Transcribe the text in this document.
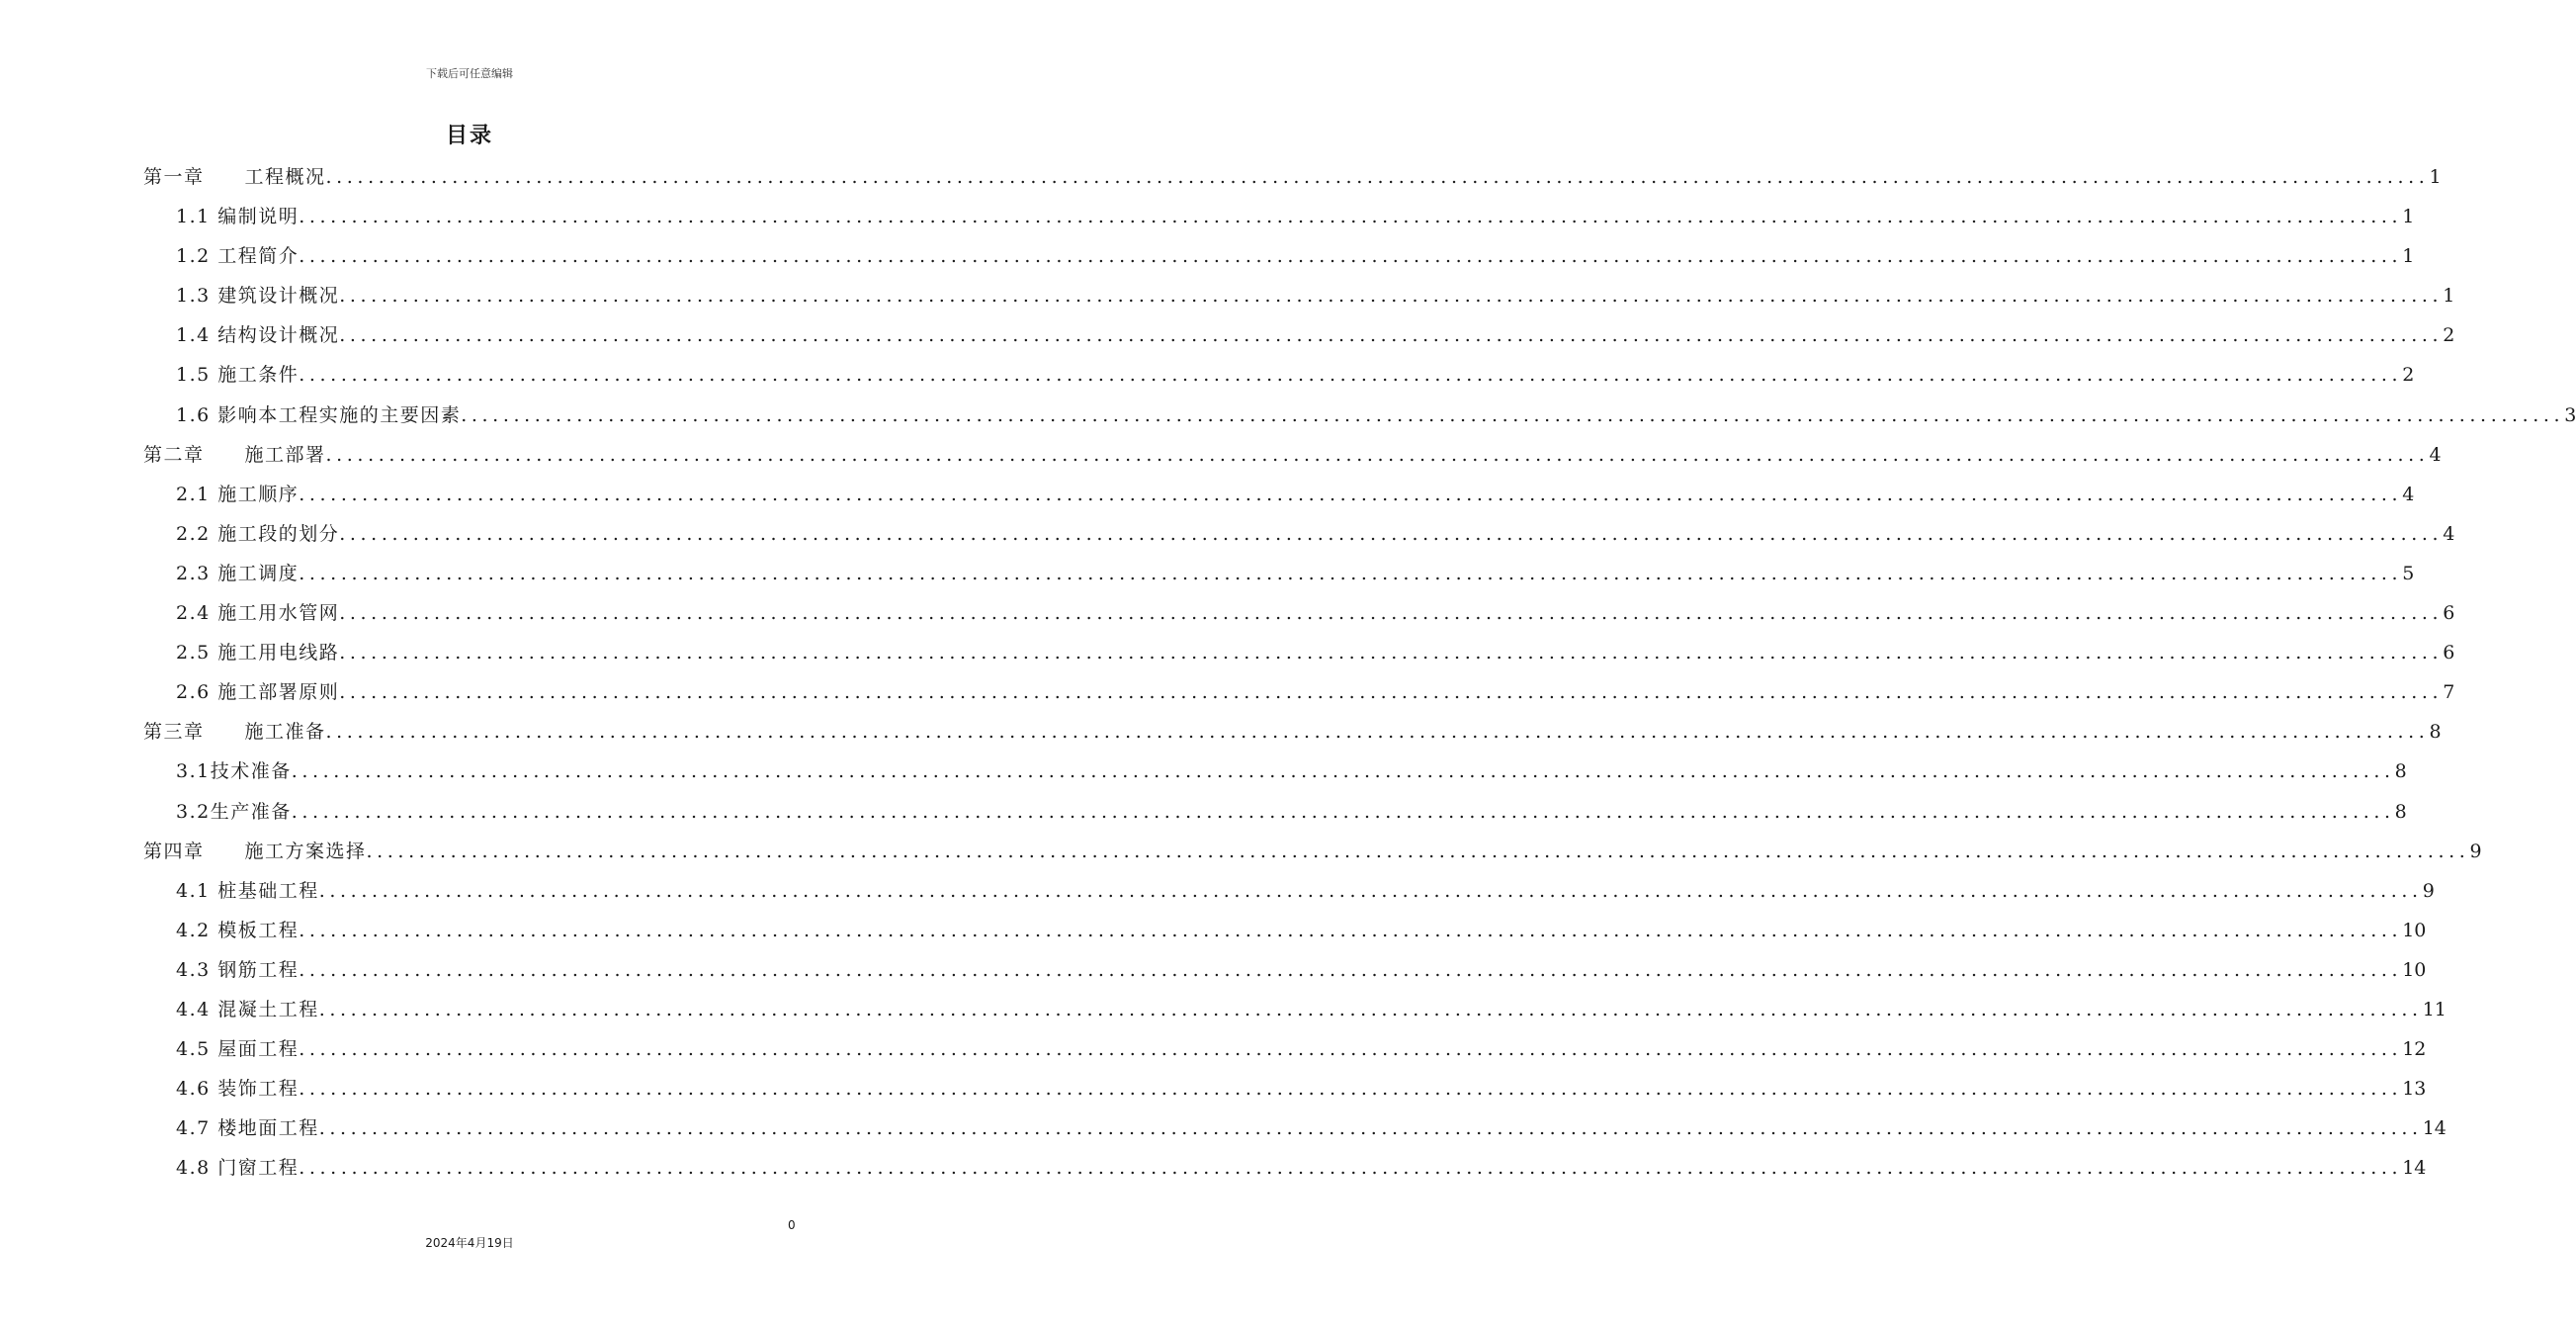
下载后可任意编辑
目录
第一章　　工程概况 ........................................................................................................................................................................................................ 1
1.1 编制说明 ........................................................................................................................................................................................................ 1
1.2 工程简介 ........................................................................................................................................................................................................ 1
1.3 建筑设计概况 ........................................................................................................................................................................................................ 1
1.4 结构设计概况 ........................................................................................................................................................................................................ 2
1.5 施工条件 ........................................................................................................................................................................................................ 2
1.6 影响本工程实施的主要因素 ........................................................................................................................................................................................................ 3
第二章　　施工部署 ........................................................................................................................................................................................................ 4
2.1 施工顺序 ........................................................................................................................................................................................................ 4
2.2 施工段的划分 ........................................................................................................................................................................................................ 4
2.3 施工调度 ........................................................................................................................................................................................................ 5
2.4 施工用水管网 ........................................................................................................................................................................................................ 6
2.5 施工用电线路 ........................................................................................................................................................................................................ 6
2.6 施工部署原则 ........................................................................................................................................................................................................ 7
第三章　　施工准备 ........................................................................................................................................................................................................ 8
3.1技术准备 ........................................................................................................................................................................................................ 8
3.2生产准备 ........................................................................................................................................................................................................ 8
第四章　　施工方案选择 ........................................................................................................................................................................................................ 9
4.1 桩基础工程 ........................................................................................................................................................................................................ 9
4.2 模板工程 ........................................................................................................................................................................................................ 10
4.3 钢筋工程 ........................................................................................................................................................................................................ 10
4.4 混凝土工程 ........................................................................................................................................................................................................ 11
4.5 屋面工程 ........................................................................................................................................................................................................ 12
4.6 装饰工程 ........................................................................................................................................................................................................ 13
4.7 楼地面工程 ........................................................................................................................................................................................................ 14
4.8 门窗工程 ........................................................................................................................................................................................................ 14
0
2024年4月19日
